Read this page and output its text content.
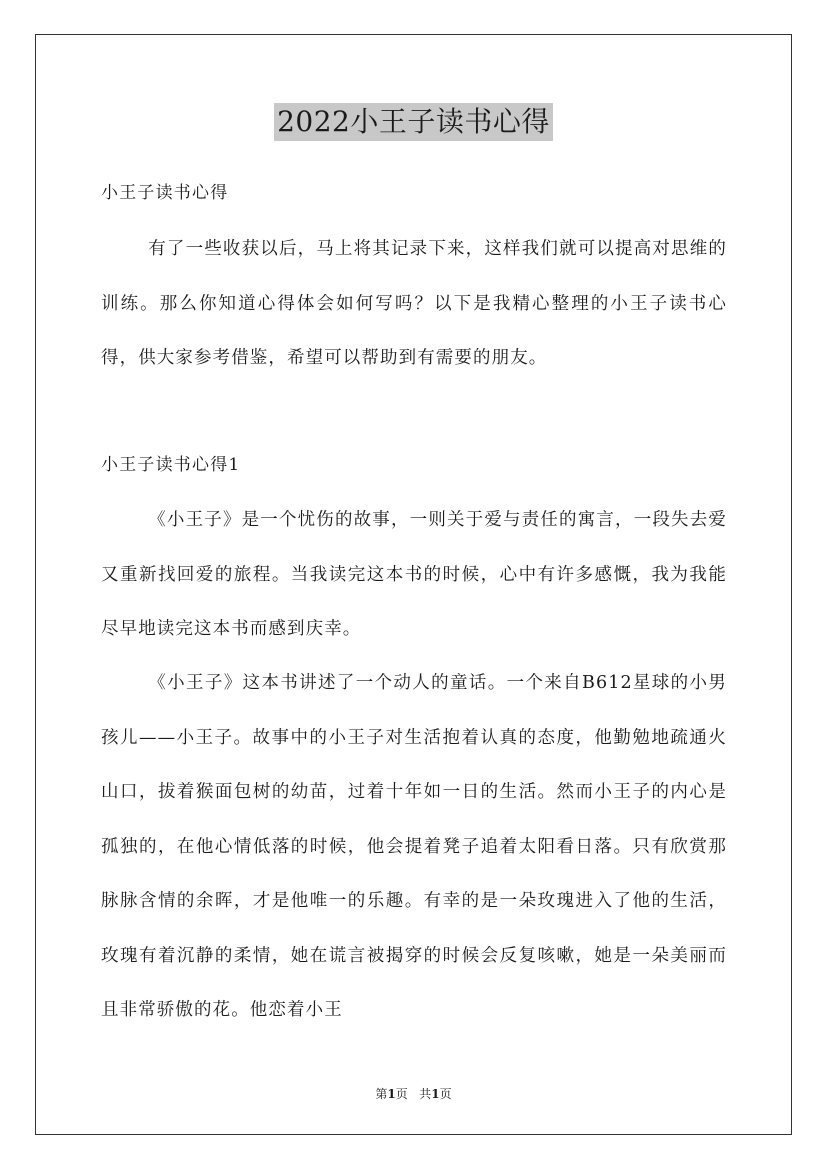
2022小王子读书心得
小王子读书心得
有了一些收获以后，马上将其记录下来，这样我们就可以提高对思维的训练。那么你知道心得体会如何写吗？以下是我精心整理的小王子读书心得，供大家参考借鉴，希望可以帮助到有需要的朋友。
小王子读书心得1
《小王子》是一个忧伤的故事，一则关于爱与责任的寓言，一段失去爱又重新找回爱的旅程。当我读完这本书的时候，心中有许多感慨，我为我能尽早地读完这本书而感到庆幸。
《小王子》这本书讲述了一个动人的童话。一个来自B612星球的小男孩儿——小王子。故事中的小王子对生活抱着认真的态度，他勤勉地疏通火山口，拔着猴面包树的幼苗，过着十年如一日的生活。然而小王子的内心是孤独的，在他心情低落的时候，他会提着凳子追着太阳看日落。只有欣赏那脉脉含情的余晖，才是他唯一的乐趣。有幸的是一朵玫瑰进入了他的生活，玫瑰有着沉静的柔情，她在谎言被揭穿的时候会反复咳嗽，她是一朵美丽而且非常骄傲的花。他恋着小王
第1页 共1页
